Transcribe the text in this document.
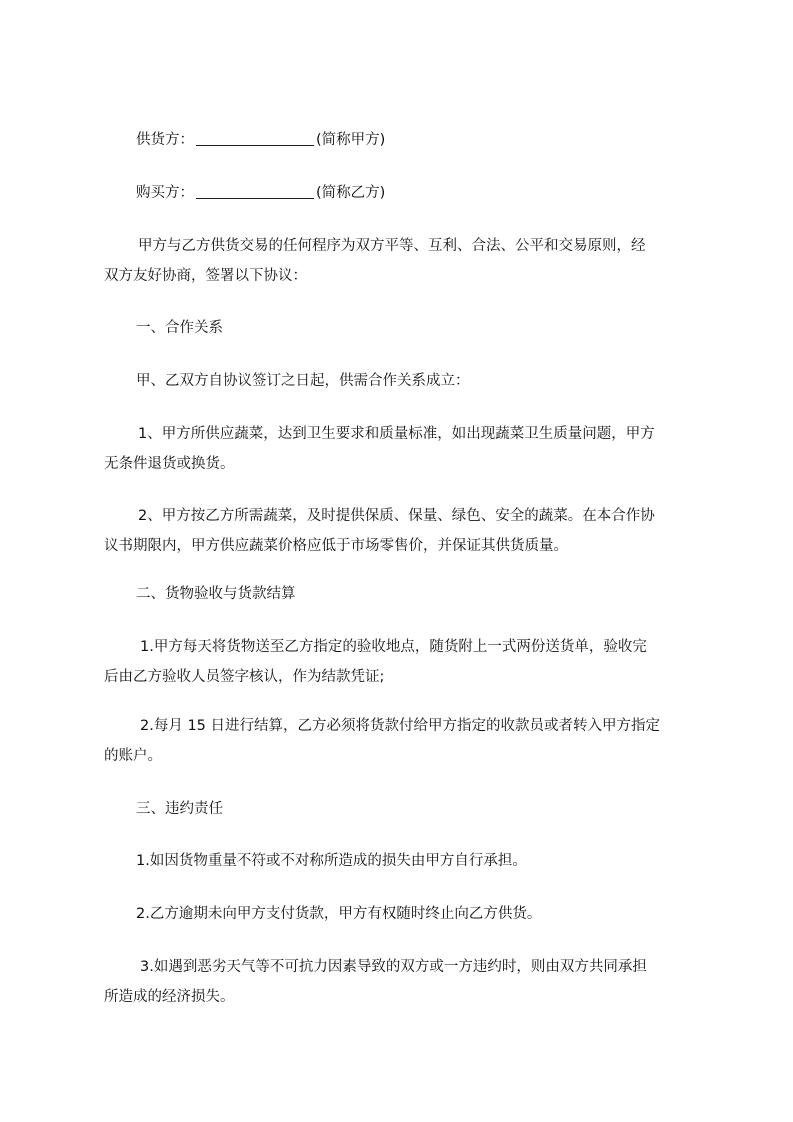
供货方：	(简称甲方)
购买方：	(简称乙方)
甲方与乙方供货交易的任何程序为双方平等、互利、合法、公平和交易原则，经
双方友好协商，签署以下协议：
一、合作关系
甲、乙双方自协议签订之日起，供需合作关系成立：
1、甲方所供应蔬菜，达到卫生要求和质量标准，如出现蔬菜卫生质量问题，甲方
无条件退货或换货。
2、甲方按乙方所需蔬菜，及时提供保质、保量、绿色、安全的蔬菜。在本合作协
议书期限内，甲方供应蔬菜价格应低于市场零售价，并保证其供货质量。
二、货物验收与货款结算
1.甲方每天将货物送至乙方指定的验收地点，随货附上一式两份送货单，验收完
后由乙方验收人员签字核认，作为结款凭证;
2.每月 15 日进行结算，乙方必须将货款付给甲方指定的收款员或者转入甲方指定
的账户。
三、违约责任
1.如因货物重量不符或不对称所造成的损失由甲方自行承担。
2.乙方逾期未向甲方支付货款，甲方有权随时终止向乙方供货。
3.如遇到恶劣天气等不可抗力因素导致的双方或一方违约时，则由双方共同承担
所造成的经济损失。
